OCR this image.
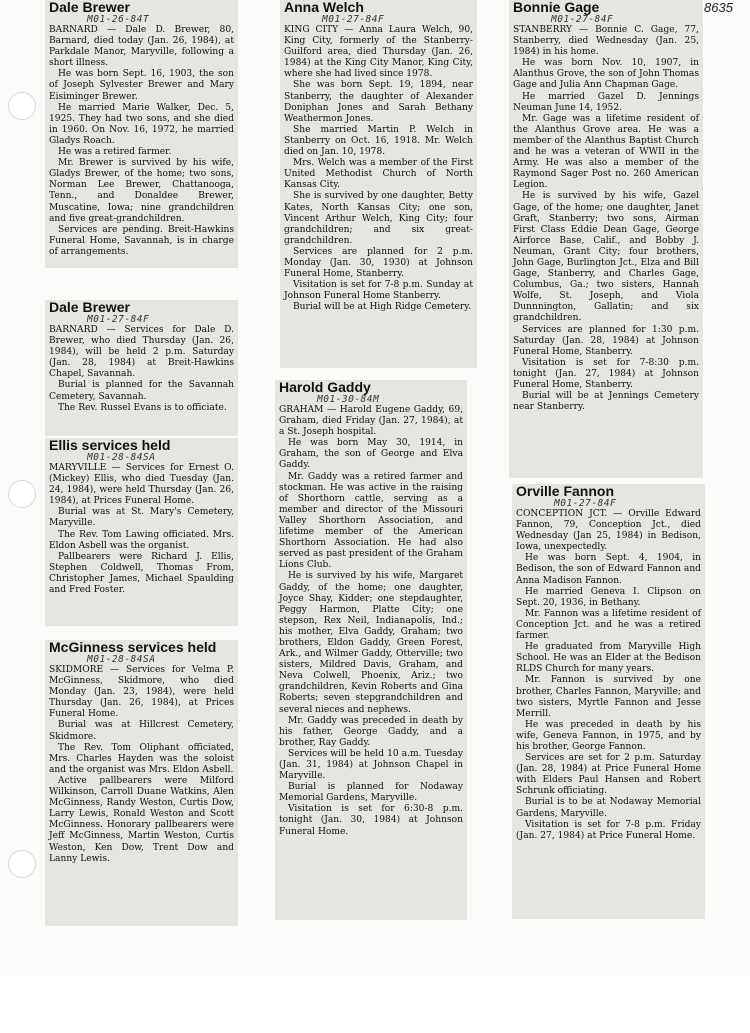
8635
Dale Brewer
M01-26-84T

BARNARD — Dale D. Brewer, 80, Barnard, died today (Jan. 26, 1984), at Parkdale Manor, Maryville, following a short illness.

He was born Sept. 16, 1903, the son of Joseph Sylvester Brewer and Mary Eisiminger Brewer.

He married Marie Walker, Dec. 5, 1925. They had two sons, and she died in 1960. On Nov. 16, 1972, he married Gladys Roach.

He was a retired farmer.

Mr. Brewer is survived by his wife, Gladys Brewer, of the home; two sons, Norman Lee Brewer, Chattanooga, Tenn., and Donaldee Brewer, Muscatine, Iowa; nine grandchildren and five great-grandchildren.

Services are pending. Breit-Hawkins Funeral Home, Savannah, is in charge of arrangements.

Dale Brewer
M01-27-84F

BARNARD — Services for Dale D. Brewer, who died Thursday (Jan. 26, 1984), will be held 2 p.m. Saturday (Jan. 28, 1984) at Breit-Hawkins Chapel, Savannah.

Burial is planned for the Savannah Cemetery, Savannah.

The Rev. Russel Evans is to officiate.

Ellis services held
M01-28-84SA

MARYVILLE — Services for Ernest O. (Mickey) Ellis, who died Tuesday (Jan. 24, 1984), were held Thursday (Jan. 26, 1984), at Prices Funeral Home.

Burial was at St. Mary's Cemetery, Maryville.

The Rev. Tom Lawing officiated. Mrs. Eldon Asbell was the organist.

Pallbearers were Richard J. Ellis, Stephen Coldwell, Thomas From, Christopher James, Michael Spaulding and Fred Foster.

McGinness services held
M01-28-84SA

SKIDMORE — Services for Velma P. McGinness, Skidmore, who died Monday (Jan. 23, 1984), were held Thursday (Jan. 26, 1984), at Prices Funeral Home.

Burial was at Hillcrest Cemetery, Skidmore.

The Rev. Tom Oliphant officiated, Mrs. Charles Hayden was the soloist and the organist was Mrs. Eldon Asbell.

Active pallbearers were Milford Wilkinson, Carroll Duane Watkins, Alen McGinness, Randy Weston, Curtis Dow, Larry Lewis, Ronald Weston and Scott McGinness. Honorary pallbearers were Jeff McGinness, Martin Weston, Curtis Weston, Ken Dow, Trent Dow and Lanny Lewis.

Anna Welch
M01-27-84F

KING CITY — Anna Laura Welch, 90, King City, formerly of the Stanberry-Guilford area, died Thursday (Jan. 26, 1984) at the King City Manor, King City, where she had lived since 1978.

She was born Sept. 19, 1894, near Stanberry, the daughter of Alexander Doniphan Jones and Sarah Bethany Weathermon Jones.

She married Martin P. Welch in Stanberry on Oct. 16, 1918. Mr. Welch died on Jan. 10, 1978.

Mrs. Welch was a member of the First United Methodist Church of North Kansas City.

She is survived by one daughter, Betty Kates, North Kansas City; one son, Vincent Arthur Welch, King City; four grandchildren; and six great-grandchildren.

Services are planned for 2 p.m. Monday (Jan. 30, 1930) at Johnson Funeral Home, Stanberry.

Visitation is set for 7-8 p.m. Sunday at Johnson Funeral Home Stanberry.

Burial will be at High Ridge Cemetery.

Harold Gaddy
M01-30-84M

GRAHAM — Harold Eugene Gaddy, 69, Graham, died Friday (Jan. 27, 1984), at a St. Joseph hospital.

He was born May 30, 1914, in Graham, the son of George and Elva Gaddy.

Mr. Gaddy was a retired farmer and stockman. He was active in the raising of Shorthorn cattle, serving as a member and director of the Missouri Valley Shorthorn Association, and lifetime member of the American Shorthorn Association. He had also served as past president of the Graham Lions Club.

He is survived by his wife, Margaret Gaddy, of the home; one daughter, Joyce Shay, Kidder; one stepdaughter, Peggy Harmon, Platte City; one stepson, Rex Neil, Indianapolis, Ind.; his mother, Elva Gaddy, Graham; two brothers, Eldon Gaddy, Green Forest, Ark., and Wilmer Gaddy, Otterville; two sisters, Mildred Davis, Graham, and Neva Colwell, Phoenix, Ariz.; two grandchildren, Kevin Roberts and Gina Roberts; seven stepgrandchildren and several nieces and nephews.

Mr. Gaddy was preceded in death by his father, George Gaddy, and a brother, Ray Gaddy.

Services will be held 10 a.m. Tuesday (Jan. 31, 1984) at Johnson Chapel in Maryville.

Burial is planned for Nodaway Memorial Gardens, Maryville.

Visitation is set for 6:30-8 p.m. tonight (Jan. 30, 1984) at Johnson Funeral Home.

Bonnie Gage
M01-27-84F

STANBERRY — Bonnie C. Gage, 77, Stanberry, died Wednesday (Jan. 25, 1984) in his home.

He was born Nov. 10, 1907, in Alanthus Grove, the son of John Thomas Gage and Julia Ann Chapman Gage.

He married Gazel D. Jennings Neuman June 14, 1952.

Mr. Gage was a lifetime resident of the Alanthus Grove area. He was a member of the Alanthus Baptist Church and he was a veteran of WWII in the Army. He was also a member of the Raymond Sager Post no. 260 American Legion.

He is survived by his wife, Gazel Gage, of the home; one daughter, Janet Graft, Stanberry; two sons, Airman First Class Eddie Dean Gage, George Airforce Base, Calif., and Bobby J. Neuman, Grant City; four brothers, John Gage, Burlington Jct., Elza and Bill Gage, Stanberry, and Charles Gage, Columbus, Ga.; two sisters, Hannah Wolfe, St. Joseph, and Viola Dunnnington, Gallatin; and six grandchildren.

Services are planned for 1:30 p.m. Saturday (Jan. 28, 1984) at Johnson Funeral Home, Stanberry.

Visitation is set for 7-8:30 p.m. tonight (Jan. 27, 1984) at Johnson Funeral Home, Stanberry.

Burial will be at Jennings Cemetery near Stanberry.

Orville Fannon
M01-27-84F

CONCEPTION JCT. — Orville Edward Fannon, 79, Conception Jct., died Wednesday (Jan 25, 1984) in Bedison, Iowa, unexpectedly.

He was born Sept. 4, 1904, in Bedison, the son of Edward Fannon and Anna Madison Fannon.

He married Geneva I. Clipson on Sept. 20, 1936, in Bethany.

Mr. Fannon was a lifetime resident of Conception Jct. and he was a retired farmer.

He graduated from Maryville High School. He was an Elder at the Bedison RLDS Church for many years.

Mr. Fannon is survived by one brother, Charles Fannon, Maryville; and two sisters, Myrtle Fannon and Jesse Merrill.

He was preceded in death by his wife, Geneva Fannon, in 1975, and by his brother, George Fannon.

Services are set for 2 p.m. Saturday (Jan. 28, 1984) at Price Funeral Home with Elders Paul Hansen and Robert Schrunk officiating.

Burial is to be at Nodaway Memorial Gardens, Maryville.

Visitation is set for 7-8 p.m. Friday (Jan. 27, 1984) at Price Funeral Home.
